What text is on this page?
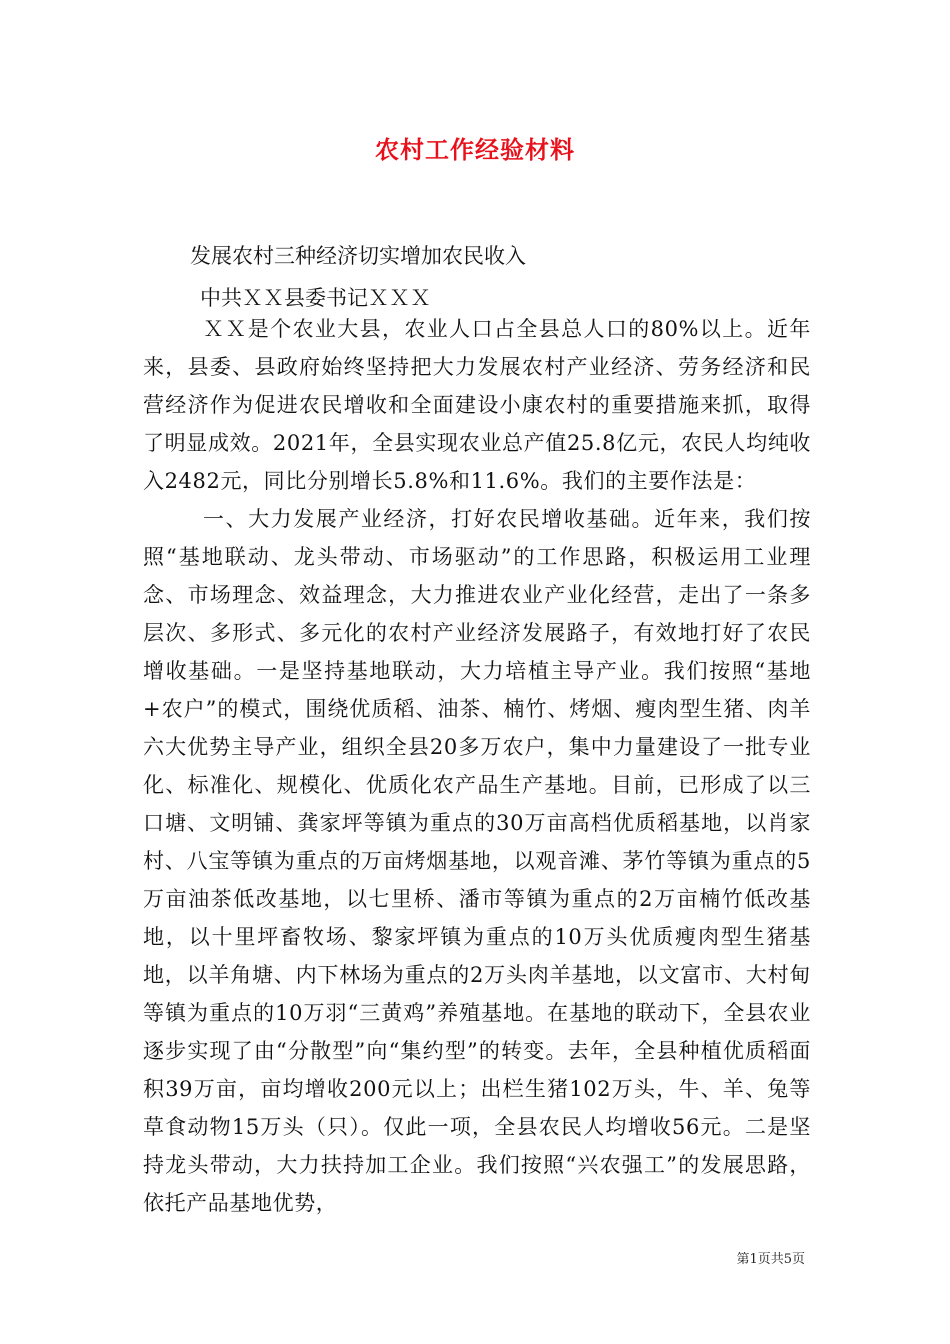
农村工作经验材料
发展农村三种经济切实增加农民收入
中共ＸＸ县委书记ＸＸＸ

ＸＸ是个农业大县，农业人口占全县总人口的80%以上。近年来，县委、县政府始终坚持把大力发展农村产业经济、劳务经济和民营经济作为促进农民增收和全面建设小康农村的重要措施来抓，取得了明显成效。2021年，全县实现农业总产值25.8亿元，农民人均纯收入2482元，同比分别增长5.8%和11.6%。我们的主要作法是：

一、大力发展产业经济，打好农民增收基础。近年来，我们按照“基地联动、龙头带动、市场驱动”的工作思路，积极运用工业理念、市场理念、效益理念，大力推进农业产业化经营，走出了一条多层次、多形式、多元化的农村产业经济发展路子，有效地打好了农民增收基础。一是坚持基地联动，大力培植主导产业。我们按照“基地+农户”的模式，围绕优质稻、油茶、楠竹、烤烟、瘦肉型生猪、肉羊六大优势主导产业，组织全县20多万农户，集中力量建设了一批专业化、标准化、规模化、优质化农产品生产基地。目前，已形成了以三口塘、文明铺、龚家坪等镇为重点的30万亩高档优质稻基地，以肖家村、八宝等镇为重点的万亩烤烟基地，以观音滩、茅竹等镇为重点的5万亩油茶低改基地，以七里桥、潘市等镇为重点的2万亩楠竹低改基地，以十里坪畜牧场、黎家坪镇为重点的10万头优质瘦肉型生猪基地，以羊角塘、内下林场为重点的2万头肉羊基地，以文富市、大村甸等镇为重点的10万羽“三黄鸡”养殖基地。在基地的联动下，全县农业逐步实现了由“分散型”向“集约型”的转变。去年，全县种植优质稻面积39万亩，亩均增收200元以上；出栏生猪102万头，牛、羊、兔等草食动物15万头（只）。仅此一项，全县农民人均增收56元。二是坚持龙头带动，大力扶持加工企业。我们按照“兴农强工”的发展思路，依托产品基地优势，

第1页共5页
